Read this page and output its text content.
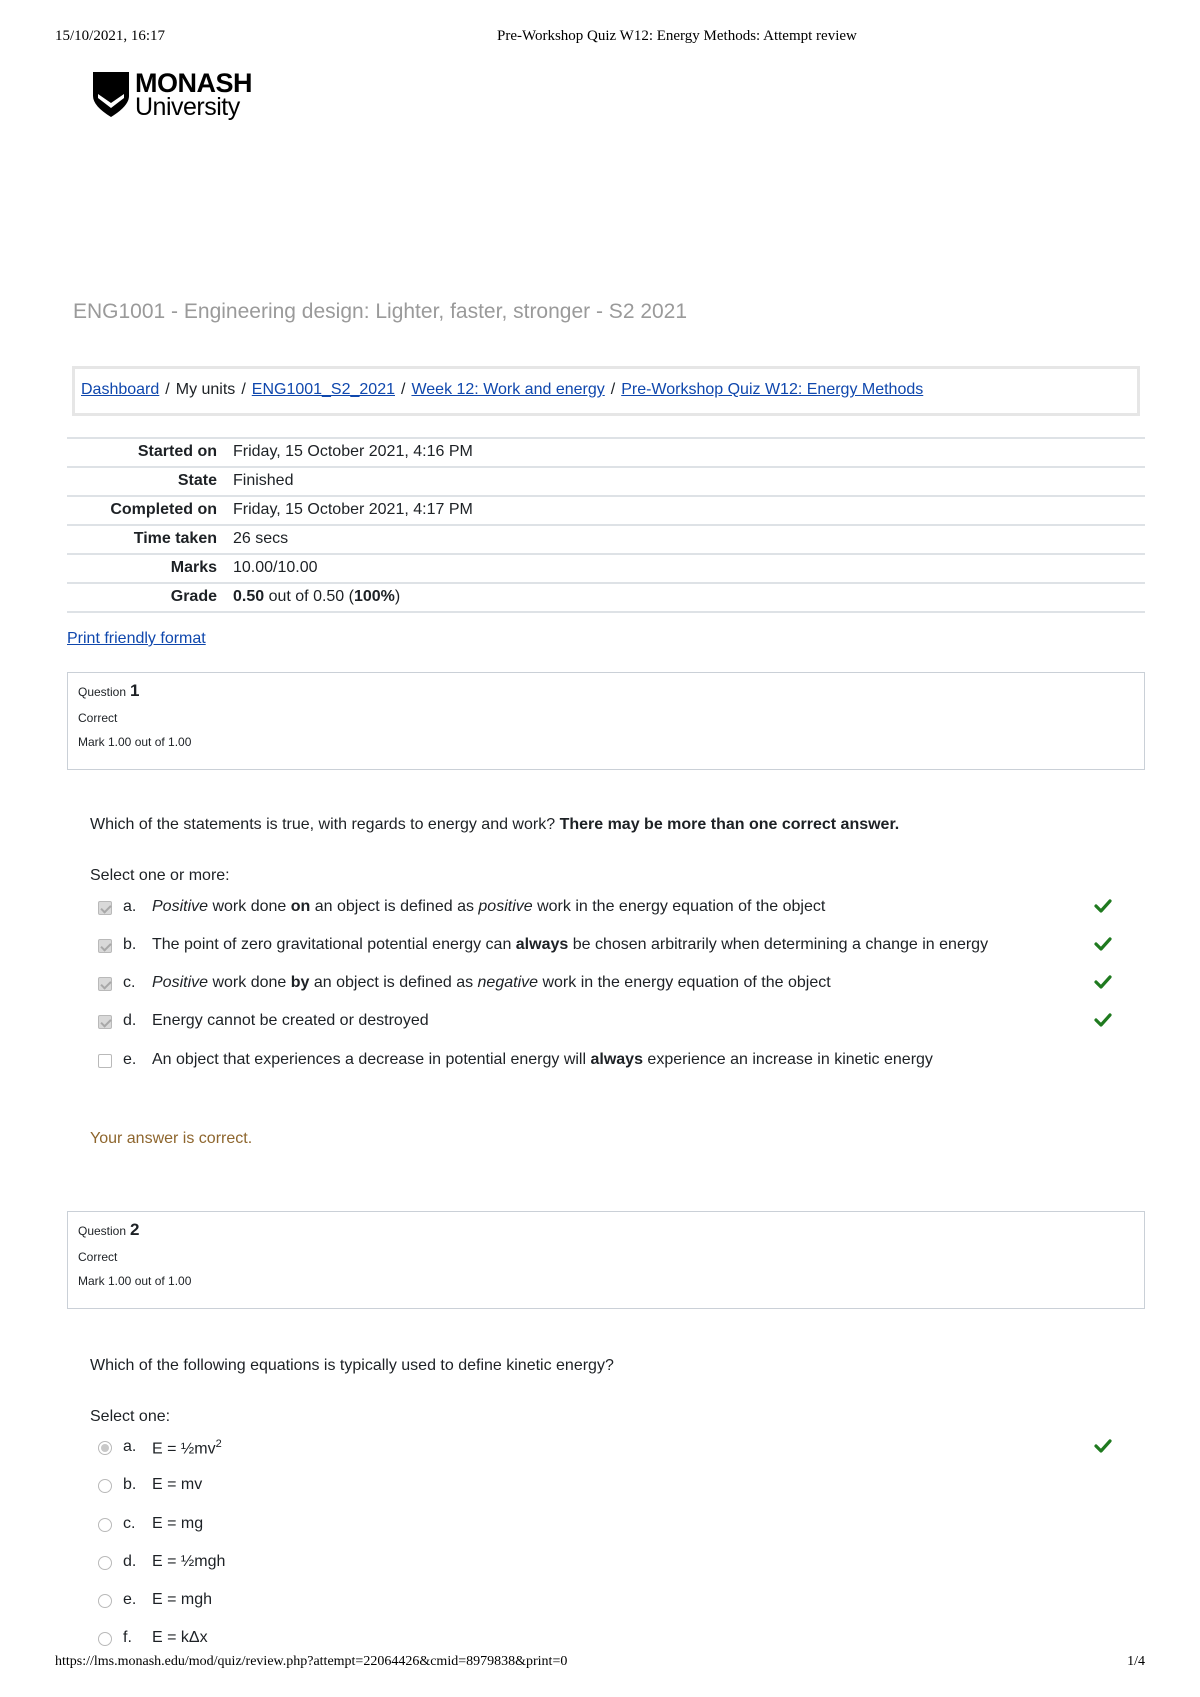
15/10/2021, 16:17	Pre-Workshop Quiz W12: Energy Methods: Attempt review
MONASH
University
ENG1001 - Engineering design: Lighter, faster, stronger - S2 2021
Dashboard / My units / ENG1001_S2_2021 / Week 12: Work and energy / Pre-Workshop Quiz W12: Energy Methods
Started on	Friday, 15 October 2021, 4:16 PM
State	Finished
Completed on	Friday, 15 October 2021, 4:17 PM
Time taken	26 secs
Marks	10.00/10.00
Grade	0.50 out of 0.50 (100%)
Print friendly format
Question 1
Correct
Mark 1.00 out of 1.00
Which of the statements is true, with regards to energy and work? There may be more than one correct answer.
Select one or more:
a. Positive work done on an object is defined as positive work in the energy equation of the object
b. The point of zero gravitational potential energy can always be chosen arbitrarily when determining a change in energy
c. Positive work done by an object is defined as negative work in the energy equation of the object
d. Energy cannot be created or destroyed
e. An object that experiences a decrease in potential energy will always experience an increase in kinetic energy
Your answer is correct.
Question 2
Correct
Mark 1.00 out of 1.00
Which of the following equations is typically used to define kinetic energy?
Select one:
a. $E = \frac{1}{2}mv^2$
b. E = mv
c. E = mg
d. E = ½mgh
e. E = mgh
f. E = kΔx
https://lms.monash.edu/mod/quiz/review.php?attempt=22064426&cmid=8979838&print=0	1/4
